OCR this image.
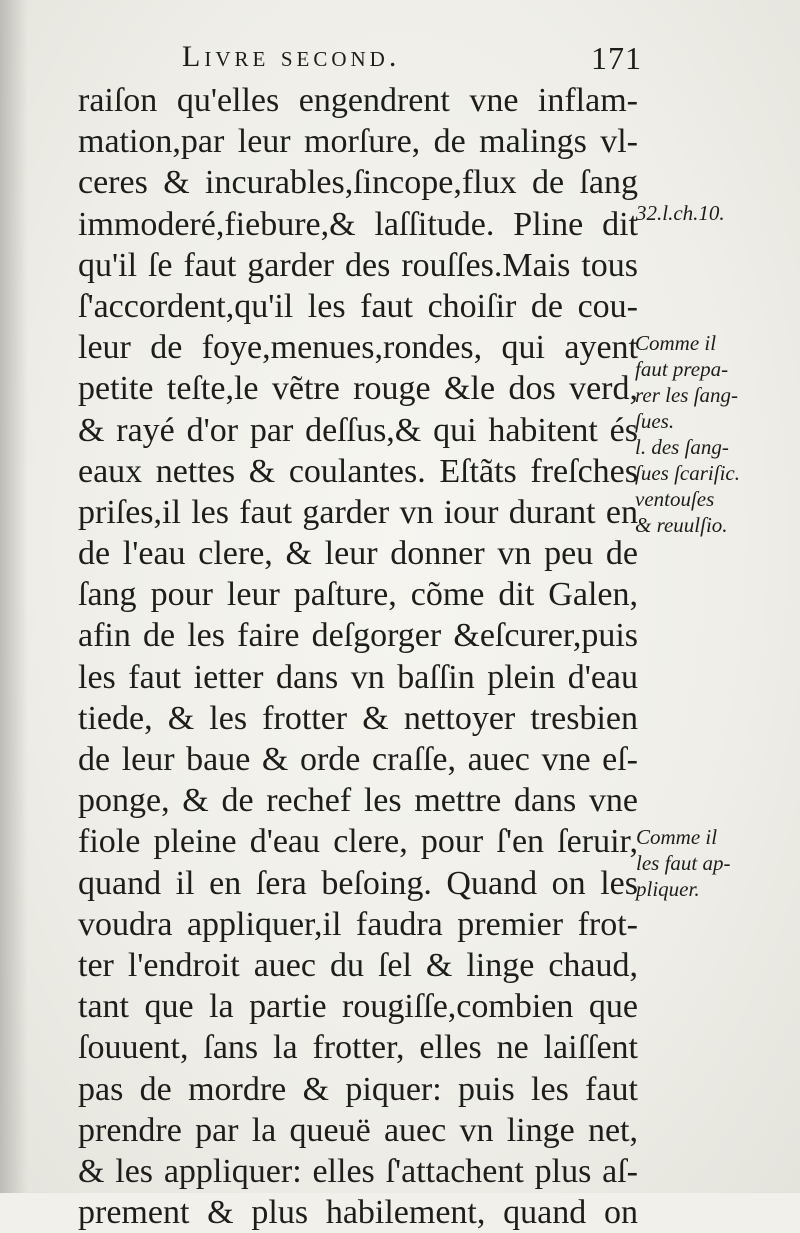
Livre second.	171
raiſon qu'elles engendrent vne inflam-
mation,par leur morſure, de malings vl-
ceres & incurables,ſincope,flux de ſang
immoderé,fiebure,& laſſitude. Pline dit
qu'il ſe faut garder des rouſſes.Mais tous
ſ'accordent,qu'il les faut choiſir de cou-
leur de foye,menues,rondes, qui ayent
petite teſte,le vẽtre rouge &le dos verd,
& rayé d'or par deſſus,& qui habitent és
eaux nettes & coulantes. Eſtãts freſches
priſes,il les faut garder vn iour durant en
de l'eau clere, & leur donner vn peu de
ſang pour leur paſture, cõme dit Galen,
afin de les faire deſgorger &eſcurer,puis
les faut ietter dans vn baſſin plein d'eau
tiede, & les frotter & nettoyer tresbien
de leur baue & orde craſſe, auec vne eſ-
ponge, & de rechef les mettre dans vne
fiole pleine d'eau clere, pour ſ'en ſeruir,
quand il en ſera beſoing. Quand on les
voudra appliquer,il faudra premier frot-
ter l'endroit auec du ſel & linge chaud,
tant que la partie rougiſſe,combien que
ſouuent, ſans la frotter, elles ne laiſſent
pas de mordre & piquer: puis les faut
prendre par la queuë auec vn linge net,
& les appliquer: elles ſ'attachent plus aſ-
prement & plus habilement, quand on
32.l.ch.10.
Comme il
faut prepa-
rer les ſang-
ſues.
l. des ſang-
ſues ſcariſic.
ventouſes
& reuulſio.
Comme il
les faut ap-
pliquer.
